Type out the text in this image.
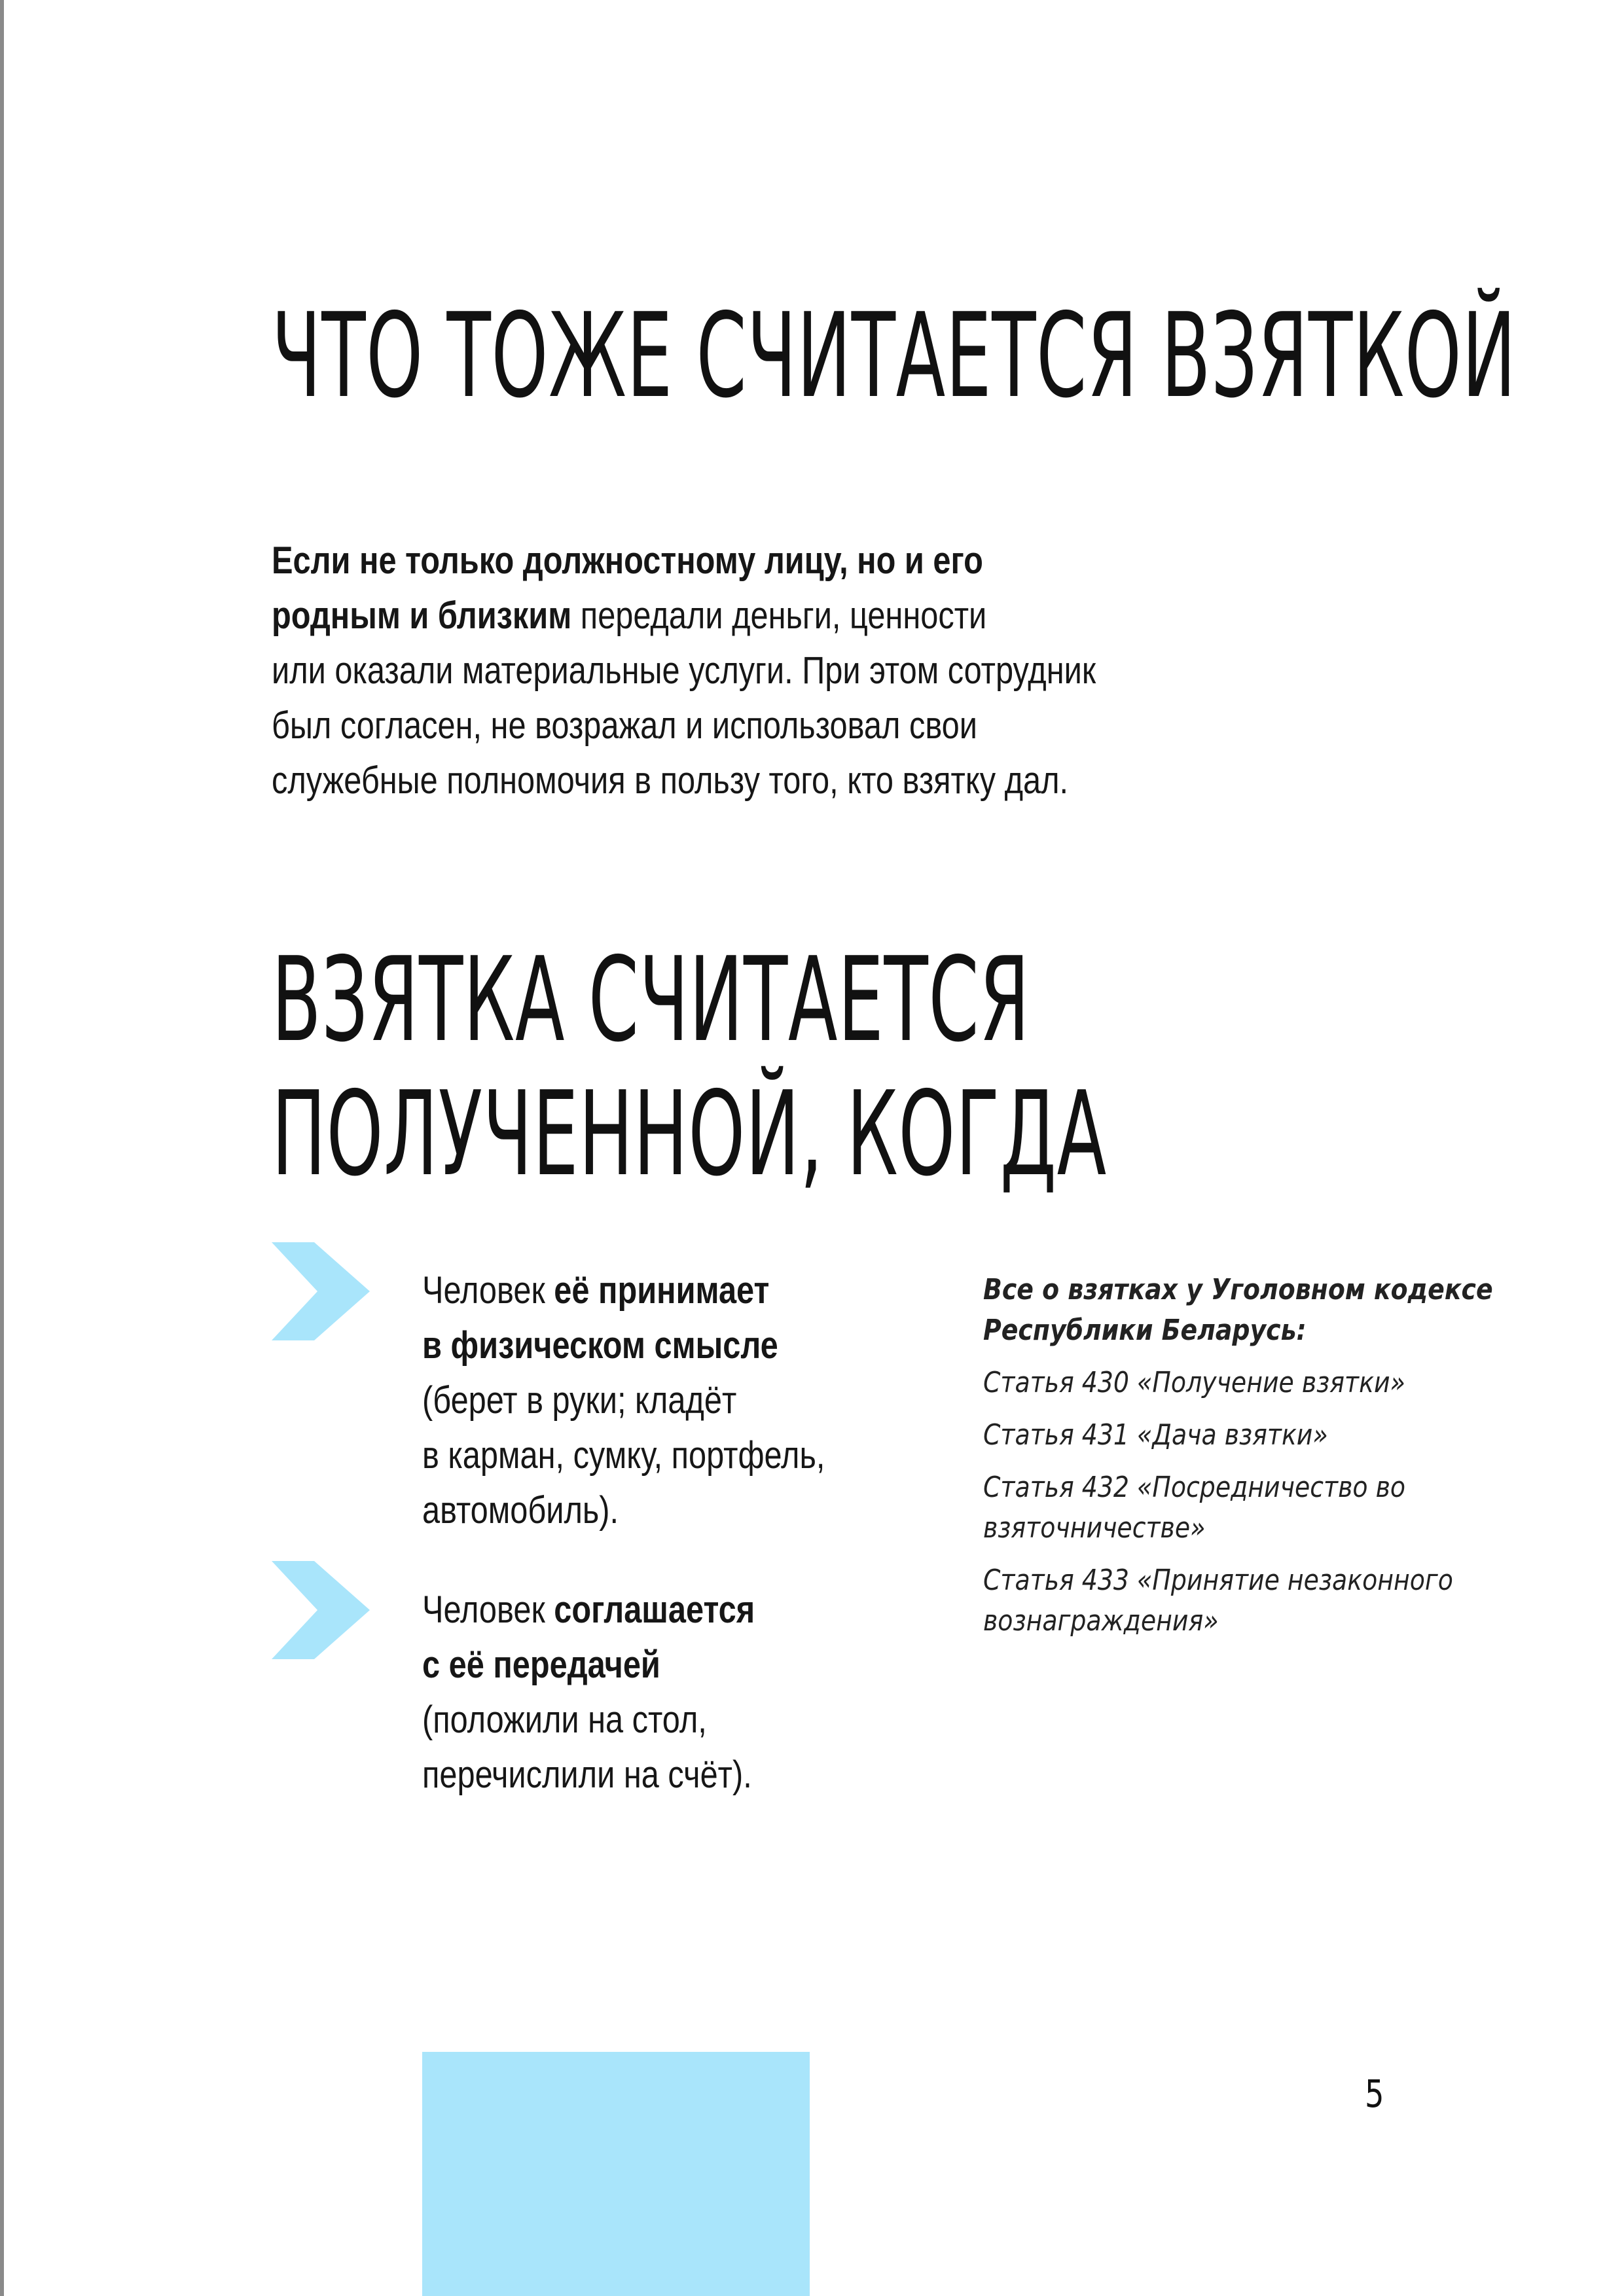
ЧТО ТОЖЕ СЧИТАЕТСЯ ВЗЯТКОЙ
Если не только должностному лицу, но и его
родным и близким передали деньги, ценности
или оказали материальные услуги. При этом сотрудник
был согласен, не возражал и использовал свои
служебные полномочия в пользу того, кто взятку дал.
ВЗЯТКА СЧИТАЕТСЯ
ПОЛУЧЕННОЙ, КОГДА
Человек её принимает
в физическом смысле
(берет в руки; кладёт
в карман, сумку, портфель,
автомобиль).
Человек соглашается
с её передачей
(положили на стол,
перечислили на счёт).
Все о взятках у Уголовном кодексе
Республики Беларусь:
Статья 430 «Получение взятки»
Статья 431 «Дача взятки»
Статья 432 «Посредничество во
взяточничестве»
Статья 433 «Принятие незаконного
вознаграждения»
5
